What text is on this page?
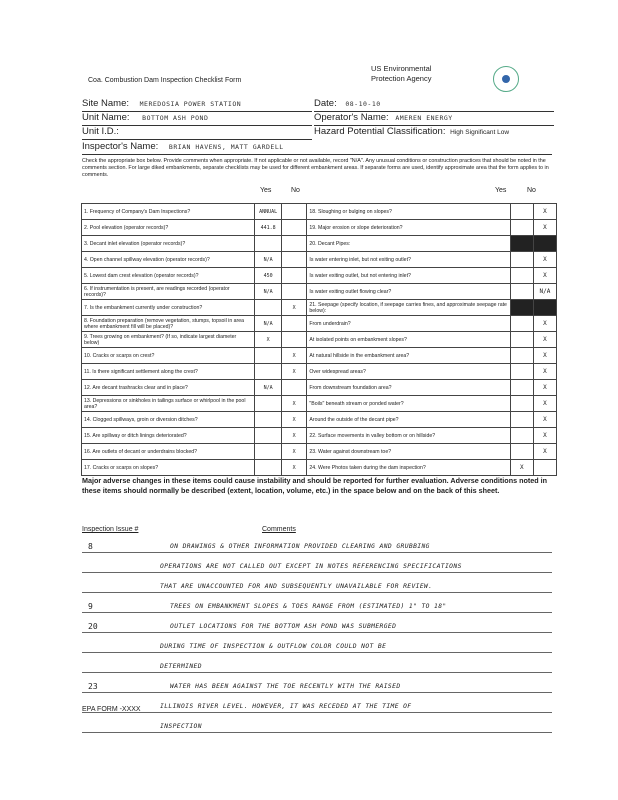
Coa. Combustion Dam Inspection Checklist Form
US Environmental
Protection Agency
Site Name: MEREDOSIA POWER STATION	Date: 08-10-10
Unit Name: BOTTOM ASH POND	Operator's Name: AMEREN ENERGY
Unit I.D.:	Hazard Potential Classification: High Significant Low
Inspector's Name: BRIAN HAVENS, MATT GARDELL
Check the appropriate box below. Provide comments when appropriate. If not applicable or not available, record "N/A". Any unusual conditions or construction practices that should be noted in the comments section. For large diked embankments, separate checklists may be used for different embankment areas. If separate forms are used, identify approximate area that the form applies to in comments.
Yes	No	Yes	No
1. Frequency of Company's Dam Inspections?	ANNUAL		18. Sloughing or bulging on slopes?		X
2. Pool elevation (operator records)?	441.8		19. Major erosion or slope deterioration?		X
3. Decant inlet elevation (operator records)?			20. Decant Pipes:		
4. Open channel spillway elevation (operator records)?	N/A		Is water entering inlet, but not exiting outlet?		X
5. Lowest dam crest elevation (operator records)?	450		Is water exiting outlet, but not entering inlet?		X
6. If instrumentation is present, are readings recorded (operator records)?	N/A		Is water exiting outlet flowing clear?		N/A
7. Is the embankment currently under construction?		X	21. Seepage (specify location, if seepage carries fines, and approximate seepage rate below):		
8. Foundation preparation (remove vegetation, stumps, topsoil in area where embankment fill will be placed)?	N/A		From underdrain?		X
9. Trees growing on embankment? (If so, indicate largest diameter below)	X		At isolated points on embankment slopes?		X
10. Cracks or scarps on crest?		X	At natural hillside in the embankment area?		X
11. Is there significant settlement along the crest?		X	Over widespread areas?		X
12. Are decant trashracks clear and in place?	N/A		From downstream foundation area?		X
13. Depressions or sinkholes in tailings surface or whirlpool in the pool area?		X	"Boils" beneath stream or ponded water?		X
14. Clogged spillways, groin or diversion ditches?		X	Around the outside of the decant pipe?		X
15. Are spillway or ditch linings deteriorated?		X	22. Surface movements in valley bottom or on hillside?		X
16. Are outlets of decant or underdrains blocked?		X	23. Water against downstream toe?		X
17. Cracks or scarps on slopes?		X	24. Were Photos taken during the dam inspection?	X	
Major adverse changes in these items could cause instability and should be reported for further evaluation. Adverse conditions noted in these items should normally be described (extent, location, volume, etc.) in the space below and on the back of this sheet.
Inspection Issue #	Comments
8	ON DRAWINGS & OTHER INFORMATION PROVIDED CLEARING AND GRUBBING
OPERATIONS ARE NOT CALLED OUT EXCEPT IN NOTES REFERENCING SPECIFICATIONS
THAT ARE UNACCOUNTED FOR AND SUBSEQUENTLY UNAVAILABLE FOR REVIEW.
9	TREES ON EMBANKMENT SLOPES & TOES RANGE FROM (ESTIMATED) 1" TO 18"
20	OUTLET LOCATIONS FOR THE BOTTOM ASH POND WAS SUBMERGED
DURING TIME OF INSPECTION & OUTFLOW COLOR COULD NOT BE
DETERMINED
23	WATER HAS BEEN AGAINST THE TOE RECENTLY WITH THE RAISED
ILLINOIS RIVER LEVEL. HOWEVER, IT WAS RECEDED AT THE TIME OF
INSPECTION
EPA FORM -XXXX
